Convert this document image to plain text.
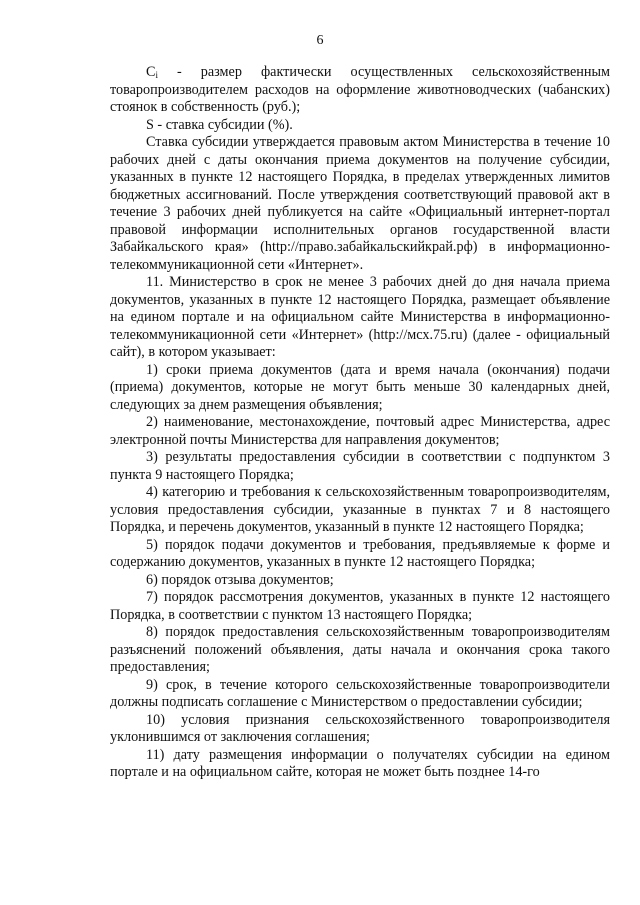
6

$C_i$ - размер фактически осуществленных сельскохозяйственным товаропроизводителем расходов на оформление животноводческих (чабанских) стоянок в собственность (руб.);

S - ставка субсидии (%).

Ставка субсидии утверждается правовым актом Министерства в течение 10 рабочих дней с даты окончания приема документов на получение субсидии, указанных в пункте 12 настоящего Порядка, в пределах утвержденных лимитов бюджетных ассигнований. После утверждения соответствующий правовой акт в течение 3 рабочих дней публикуется на сайте «Официальный интернет-портал правовой информации исполнительных органов государственной власти Забайкальского края» (http://право.забайкальскийкрай.рф) в информационно-телекоммуникационной сети «Интернет».

11. Министерство в срок не менее 3 рабочих дней до дня начала приема документов, указанных в пункте 12 настоящего Порядка, размещает объявление на едином портале и на официальном сайте Министерства в информационно-телекоммуникационной сети «Интернет» (http://мсх.75.ru) (далее - официальный сайт), в котором указывает:

1) сроки приема документов (дата и время начала (окончания) подачи (приема) документов, которые не могут быть меньше 30 календарных дней, следующих за днем размещения объявления;

2) наименование, местонахождение, почтовый адрес Министерства, адрес электронной почты Министерства для направления документов;

3) результаты предоставления субсидии в соответствии с подпунктом 3 пункта 9 настоящего Порядка;

4) категорию и требования к сельскохозяйственным товаропроизводителям, условия предоставления субсидии, указанные в пунктах 7 и 8 настоящего Порядка, и перечень документов, указанный в пункте 12 настоящего Порядка;

5) порядок подачи документов и требования, предъявляемые к форме и содержанию документов, указанных в пункте 12 настоящего Порядка;

6) порядок отзыва документов;

7) порядок рассмотрения документов, указанных в пункте 12 настоящего Порядка, в соответствии с пунктом 13 настоящего Порядка;

8) порядок предоставления сельскохозяйственным товаропроизводителям разъяснений положений объявления, даты начала и окончания срока такого предоставления;

9) срок, в течение которого сельскохозяйственные товаропроизводители должны подписать соглашение с Министерством о предоставлении субсидии;

10) условия признания сельскохозяйственного товаропроизводителя уклонившимся от заключения соглашения;

11) дату размещения информации о получателях субсидии на едином портале и на официальном сайте, которая не может быть позднее 14-го
